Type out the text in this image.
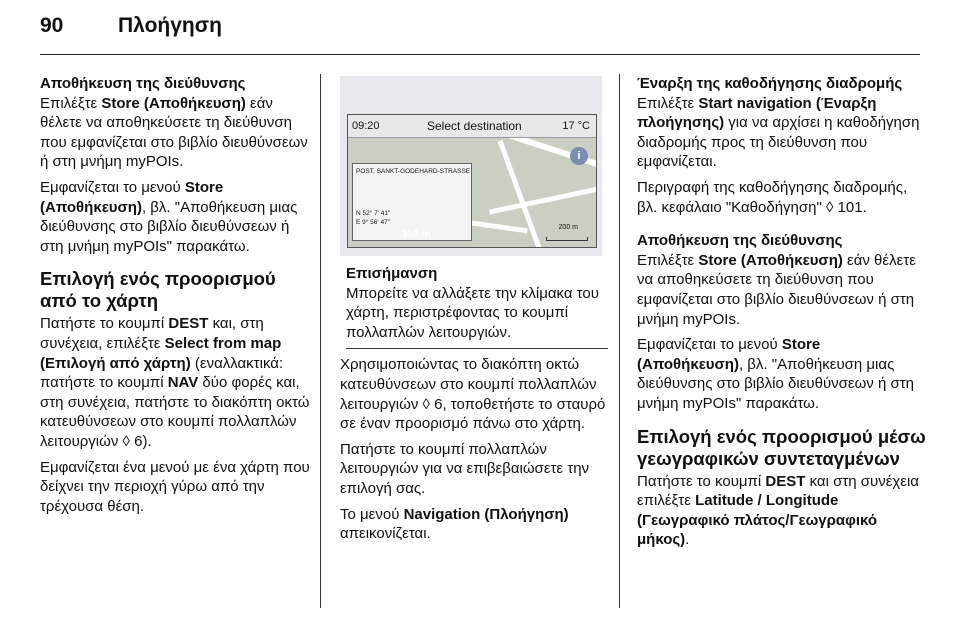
90	Πλοήγηση

Αποθήκευση της διεύθυνσης

Επιλέξτε Store (Αποθήκευση) εάν θέλετε να αποθηκεύσετε τη διεύθυνση που εμφανίζεται στο βιβλίο διευθύνσεων ή στη μνήμη myPOIs.

Εμφανίζεται το μενού Store (Αποθήκευση), βλ. "Αποθήκευση μιας διεύθυνσης στο βιβλίο διευθύνσεων ή στη μνήμη myPOIs" παρακάτω.

Επιλογή ενός προορισμού από το χάρτη

Πατήστε το κουμπί DEST και, στη συνέχεια, επιλέξτε Select from map (Επιλογή από χάρτη) (εναλλακτικά: πατήστε το κουμπί NAV δύο φορές και, στη συνέχεια, πατήστε το διακόπτη οκτώ κατευθύνσεων στο κουμπί πολλαπλών λειτουργιών ◊ 6).

Εμφανίζεται ένα μενού με ένα χάρτη που δείχνει την περιοχή γύρω από την τρέχουσα θέση.

09:20	Select destination	17 °C
i
POST, SANKT-GODEHARD-STRASSE
N 52° 7' 41"
E 9° 56' 47"
350 m
200 m

Επισήμανση

Μπορείτε να αλλάξετε την κλίμακα του χάρτη, περιστρέφοντας το κουμπί πολλαπλών λειτουργιών.

Χρησιμοποιώντας το διακόπτη οκτώ κατευθύνσεων στο κουμπί πολλαπλών λειτουργιών ◊ 6, τοποθετήστε το σταυρό σε έναν προορισμό πάνω στο χάρτη.

Πατήστε το κουμπί πολλαπλών λειτουργιών για να επιβεβαιώσετε την επιλογή σας.

Το μενού Navigation (Πλοήγηση) απεικονίζεται.

Έναρξη της καθοδήγησης διαδρομής

Επιλέξτε Start navigation (Έναρξη πλοήγησης) για να αρχίσει η καθοδήγηση διαδρομής προς τη διεύθυνση που εμφανίζεται.

Περιγραφή της καθοδήγησης διαδρομής, βλ. κεφάλαιο "Καθοδήγηση" ◊ 101.

Αποθήκευση της διεύθυνσης

Επιλέξτε Store (Αποθήκευση) εάν θέλετε να αποθηκεύσετε τη διεύθυνση που εμφανίζεται στο βιβλίο διευθύνσεων ή στη μνήμη myPOIs.

Εμφανίζεται το μενού Store (Αποθήκευση), βλ. "Αποθήκευση μιας διεύθυνσης στο βιβλίο διευθύνσεων ή στη μνήμη myPOIs" παρακάτω.

Επιλογή ενός προορισμού μέσω γεωγραφικών συντεταγμένων

Πατήστε το κουμπί DEST και στη συνέχεια επιλέξτε Latitude / Longitude (Γεωγραφικό πλάτος/Γεωγραφικό μήκος).
